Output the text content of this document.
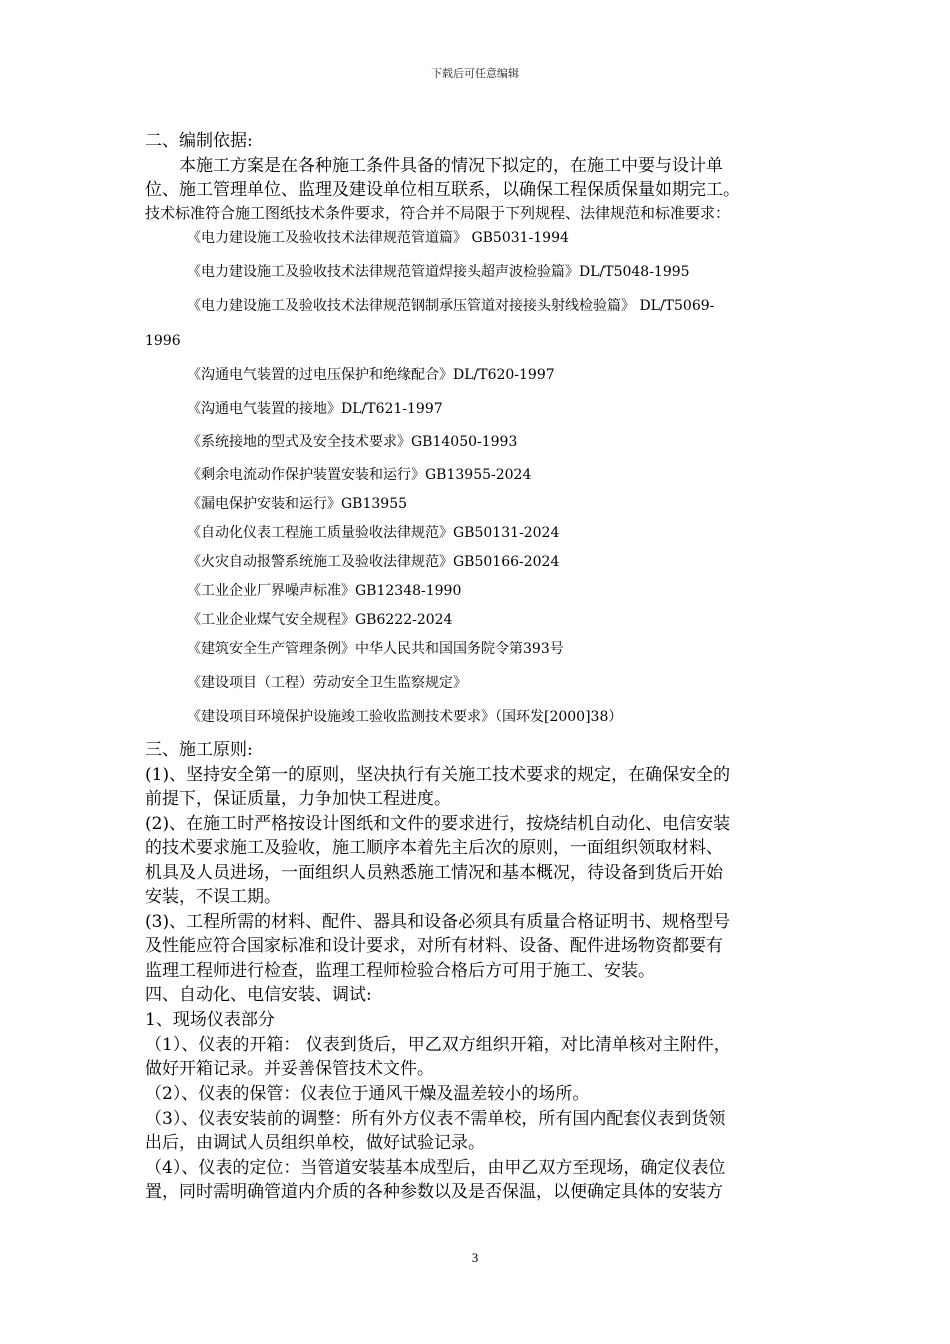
下载后可任意编辑
二、编制依据:
　　本施工方案是在各种施工条件具备的情况下拟定的，在施工中要与设计单
位、施工管理单位、监理及建设单位相互联系，以确保工程保质保量如期完工。
技术标准符合施工图纸技术条件要求，符合并不局限于下列规程、法律规范和标准要求：
《电力建设施工及验收技术法律规范管道篇》 GB5031-1994
《电力建设施工及验收技术法律规范管道焊接头超声波检验篇》DL/T5048-1995
《电力建设施工及验收技术法律规范钢制承压管道对接接头射线检验篇》 DL/T5069-
1996
《沟通电气装置的过电压保护和绝缘配合》DL/T620-1997
《沟通电气装置的接地》DL/T621-1997
《系统接地的型式及安全技术要求》GB14050-1993
《剩余电流动作保护装置安装和运行》GB13955-2024
《漏电保护安装和运行》GB13955
《自动化仪表工程施工质量验收法律规范》GB50131-2024
《火灾自动报警系统施工及验收法律规范》GB50166-2024
《工业企业厂界噪声标准》GB12348-1990
《工业企业煤气安全规程》GB6222-2024
《建筑安全生产管理条例》中华人民共和国国务院令第393号
《建设项目（工程）劳动安全卫生监察规定》
《建设项目环境保护设施竣工验收监测技术要求》（国环发[2000]38）
三、施工原则:
(1)、坚持安全第一的原则，坚决执行有关施工技术要求的规定，在确保安全的
前提下，保证质量，力争加快工程进度。
(2)、在施工时严格按设计图纸和文件的要求进行，按烧结机自动化、电信安装
的技术要求施工及验收，施工顺序本着先主后次的原则，一面组织领取材料、
机具及人员进场，一面组织人员熟悉施工情况和基本概况，待设备到货后开始
安装，不误工期。
(3)、工程所需的材料、配件、器具和设备必须具有质量合格证明书、规格型号
及性能应符合国家标准和设计要求，对所有材料、设备、配件进场物资都要有
监理工程师进行检查，监理工程师检验合格后方可用于施工、安装。
四、自动化、电信安装、调试:
1、现场仪表部分
（1）、仪表的开箱： 仪表到货后，甲乙双方组织开箱，对比清单核对主附件，
做好开箱记录。并妥善保管技术文件。
（2）、仪表的保管：仪表位于通风干燥及温差较小的场所。
（3）、仪表安装前的调整：所有外方仪表不需单校，所有国内配套仪表到货领
出后，由调试人员组织单校，做好试验记录。
（4）、仪表的定位：当管道安装基本成型后，由甲乙双方至现场，确定仪表位
置，同时需明确管道内介质的各种参数以及是否保温，以便确定具体的安装方
3
